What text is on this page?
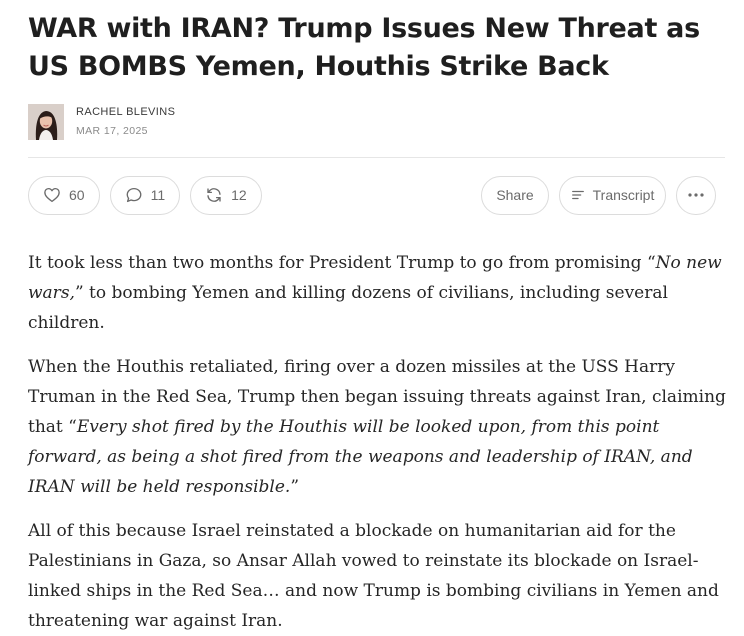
WAR with IRAN? Trump Issues New Threat as US BOMBS Yemen, Houthis Strike Back
RACHEL BLEVINS
MAR 17, 2025
60	11	12	Share	Transcript

It took less than two months for President Trump to go from promising “No new wars,” to bombing Yemen and killing dozens of civilians, including several children.

When the Houthis retaliated, firing over a dozen missiles at the USS Harry Truman in the Red Sea, Trump then began issuing threats against Iran, claiming that “Every shot fired by the Houthis will be looked upon, from this point forward, as being a shot fired from the weapons and leadership of IRAN, and IRAN will be held responsible.”

All of this because Israel reinstated a blockade on humanitarian aid for the Palestinians in Gaza, so Ansar Allah vowed to reinstate its blockade on Israel-linked ships in the Red Sea… and now Trump is bombing civilians in Yemen and threatening war against Iran.
